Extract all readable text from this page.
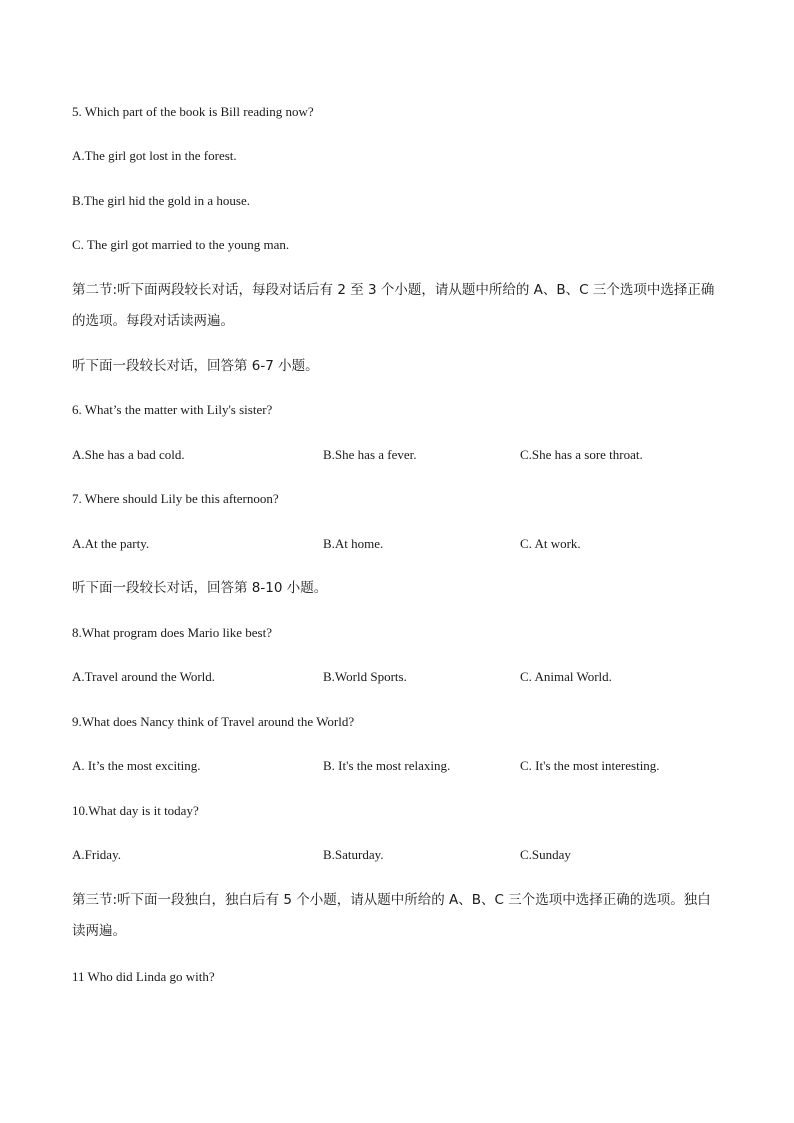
5. Which part of the book is Bill reading now?
A.The girl got lost in the forest.
B.The girl hid the gold in a house.
C. The girl got married to the young man.
第二节:听下面两段较长对话，每段对话后有 2 至 3 个小题，请从题中所给的 A、B、C 三个选项中选择正确的选项。每段对话读两遍。
听下面一段较长对话，回答第 6-7 小题。
6. What’s the matter with Lily's sister?
A.She has a bad cold.	B.She has a fever.	C.She has a sore throat.
7. Where should Lily be this afternoon?
A.At the party.	B.At home.	C. At work.
听下面一段较长对话，回答第 8-10 小题。
8.What program does Mario like best?
A.Travel around the World.	B.World Sports.	C. Animal World.
9.What does Nancy think of Travel around the World?
A. It’s the most exciting.	B. It's the most relaxing.	C. It's the most interesting.
10.What day is it today?
A.Friday.	B.Saturday.	C.Sunday
第三节:听下面一段独白，独白后有 5 个小题，请从题中所给的 A、B、C 三个选项中选择正确的选项。独白读两遍。
11 Who did Linda go with?
